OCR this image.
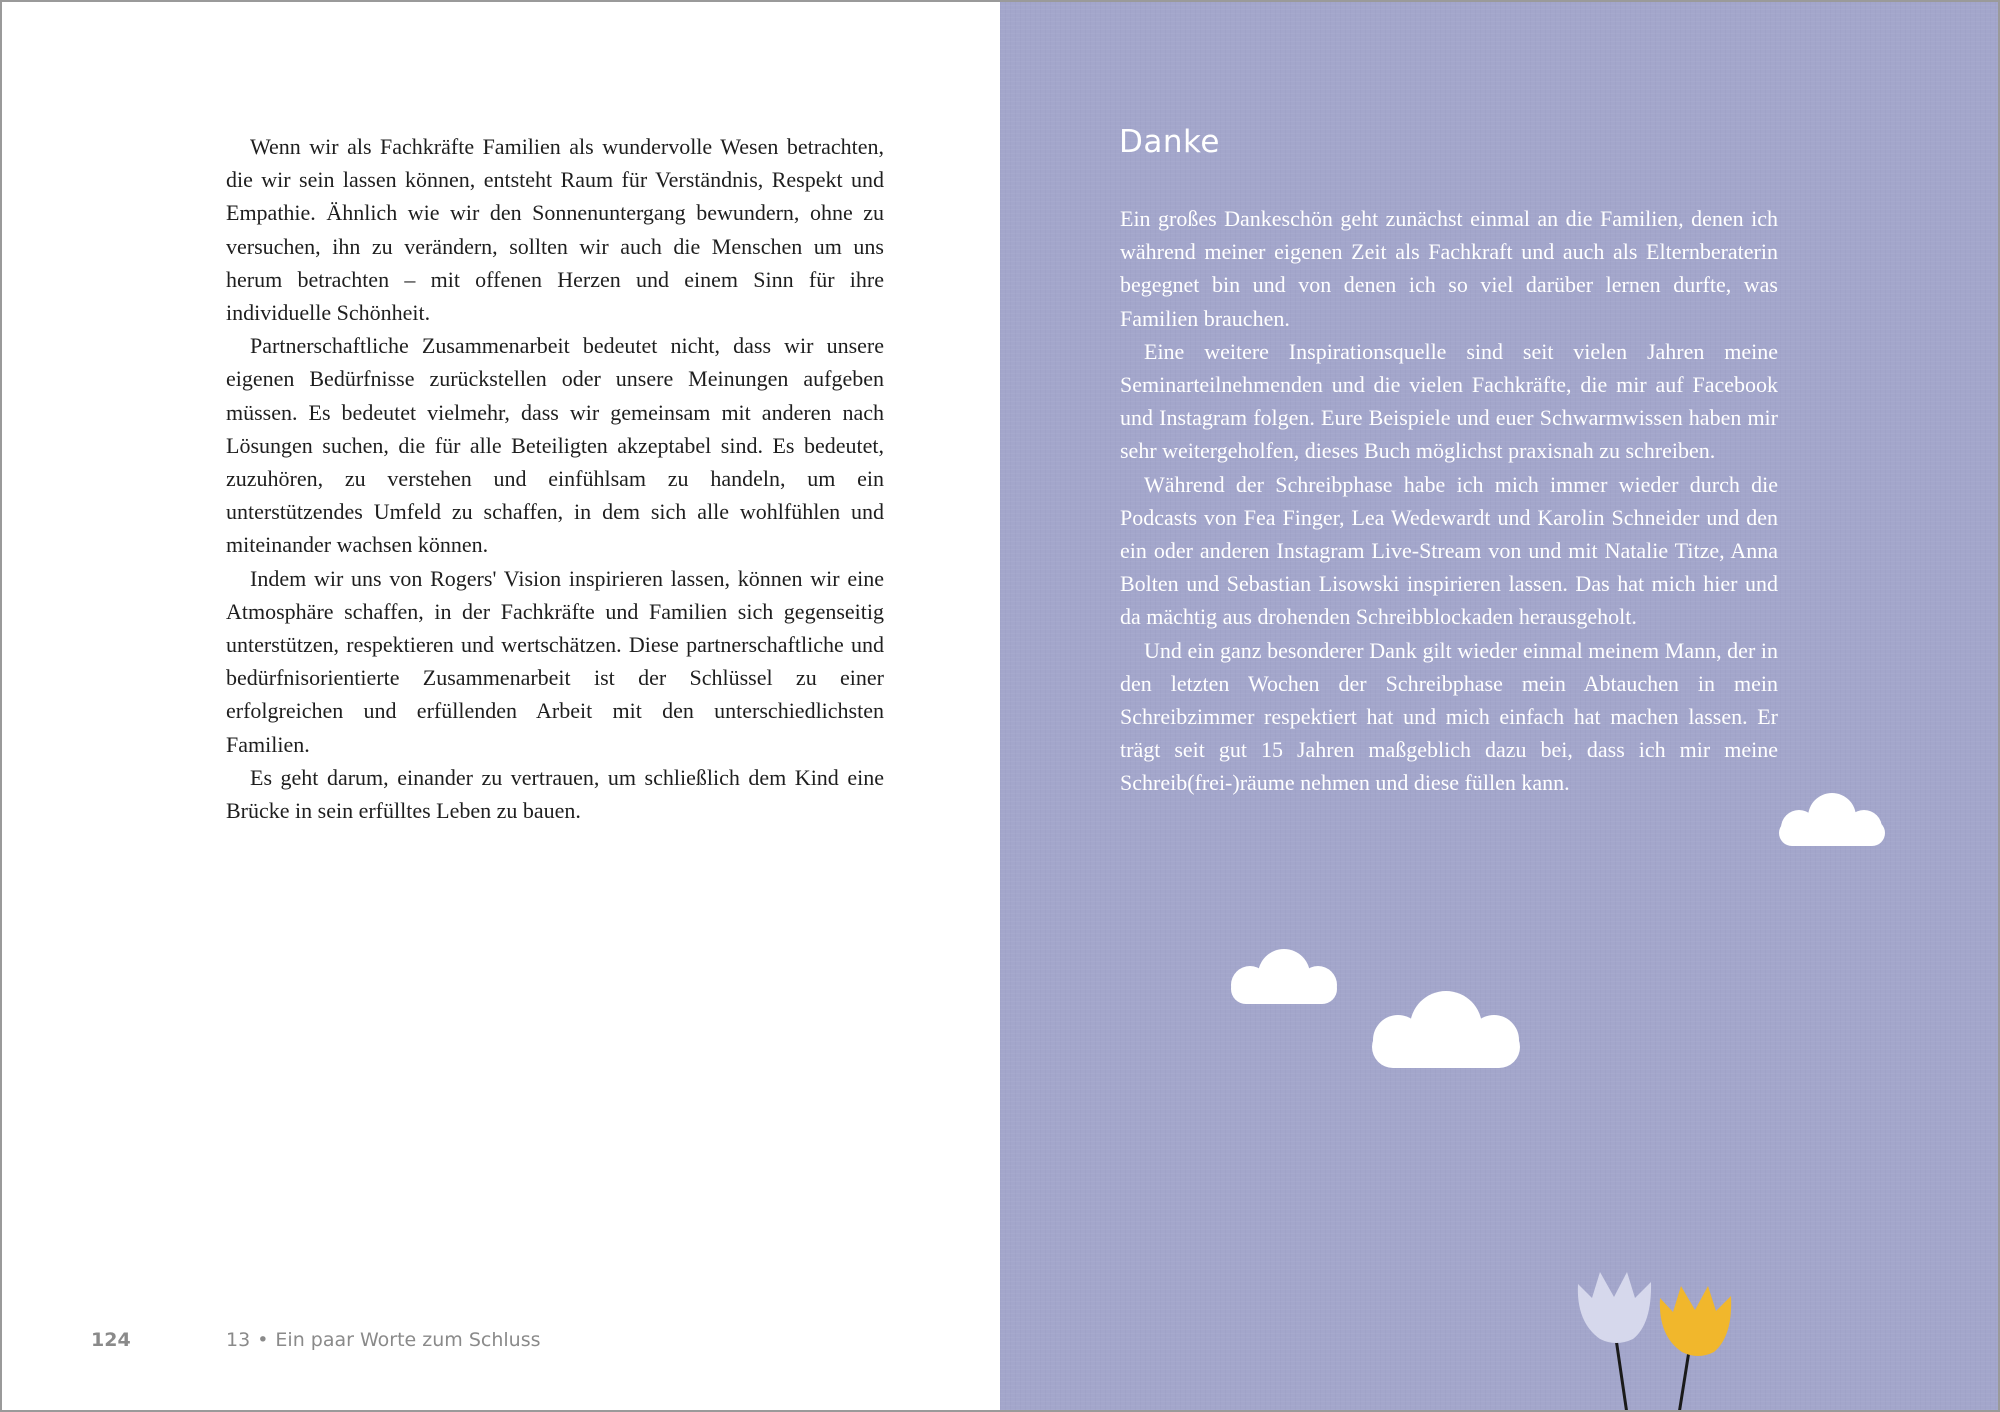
Wenn wir als Fachkräfte Familien als wundervolle Wesen betrachten, die wir sein lassen können, entsteht Raum für Verständnis, Respekt und Empathie. Ähnlich wie wir den Sonnenuntergang bewundern, ohne zu versuchen, ihn zu verändern, sollten wir auch die Menschen um uns herum betrachten – mit offenen Herzen und einem Sinn für ihre individuelle Schönheit.

Partnerschaftliche Zusammenarbeit bedeutet nicht, dass wir unsere eigenen Bedürfnisse zurückstellen oder unsere Meinungen aufgeben müssen. Es bedeutet vielmehr, dass wir gemeinsam mit anderen nach Lösungen suchen, die für alle Beteiligten akzeptabel sind. Es bedeutet, zuzuhören, zu verstehen und einfühlsam zu handeln, um ein unterstützendes Umfeld zu schaffen, in dem sich alle wohlfühlen und miteinander wachsen können.

Indem wir uns von Rogers' Vision inspirieren lassen, können wir eine Atmosphäre schaffen, in der Fachkräfte und Familien sich gegenseitig unterstützen, respektieren und wertschätzen. Diese partnerschaftliche und bedürfnisorientierte Zusammenarbeit ist der Schlüssel zu einer erfolgreichen und erfüllenden Arbeit mit den unterschiedlichsten Familien.

Es geht darum, einander zu vertrauen, um schließlich dem Kind eine Brücke in sein erfülltes Leben zu bauen.

124	13 • Ein paar Worte zum Schluss
Danke

Ein großes Dankeschön geht zunächst einmal an die Familien, denen ich während meiner eigenen Zeit als Fachkraft und auch als Elternberaterin begegnet bin und von denen ich so viel darüber lernen durfte, was Familien brauchen.

Eine weitere Inspirationsquelle sind seit vielen Jahren meine Seminarteilnehmenden und die vielen Fachkräfte, die mir auf Facebook und Instagram folgen. Eure Beispiele und euer Schwarmwissen haben mir sehr weitergeholfen, dieses Buch möglichst praxisnah zu schreiben.

Während der Schreibphase habe ich mich immer wieder durch die Podcasts von Fea Finger, Lea Wedewardt und Karolin Schneider und den ein oder anderen Instagram Live-Stream von und mit Natalie Titze, Anna Bolten und Sebastian Lisowski inspirieren lassen. Das hat mich hier und da mächtig aus drohenden Schreibblockaden herausgeholt.

Und ein ganz besonderer Dank gilt wieder einmal meinem Mann, der in den letzten Wochen der Schreibphase mein Abtauchen in mein Schreibzimmer respektiert hat und mich einfach hat machen lassen. Er trägt seit gut 15 Jahren maßgeblich dazu bei, dass ich mir meine Schreib(frei-)räume nehmen und diese füllen kann.
